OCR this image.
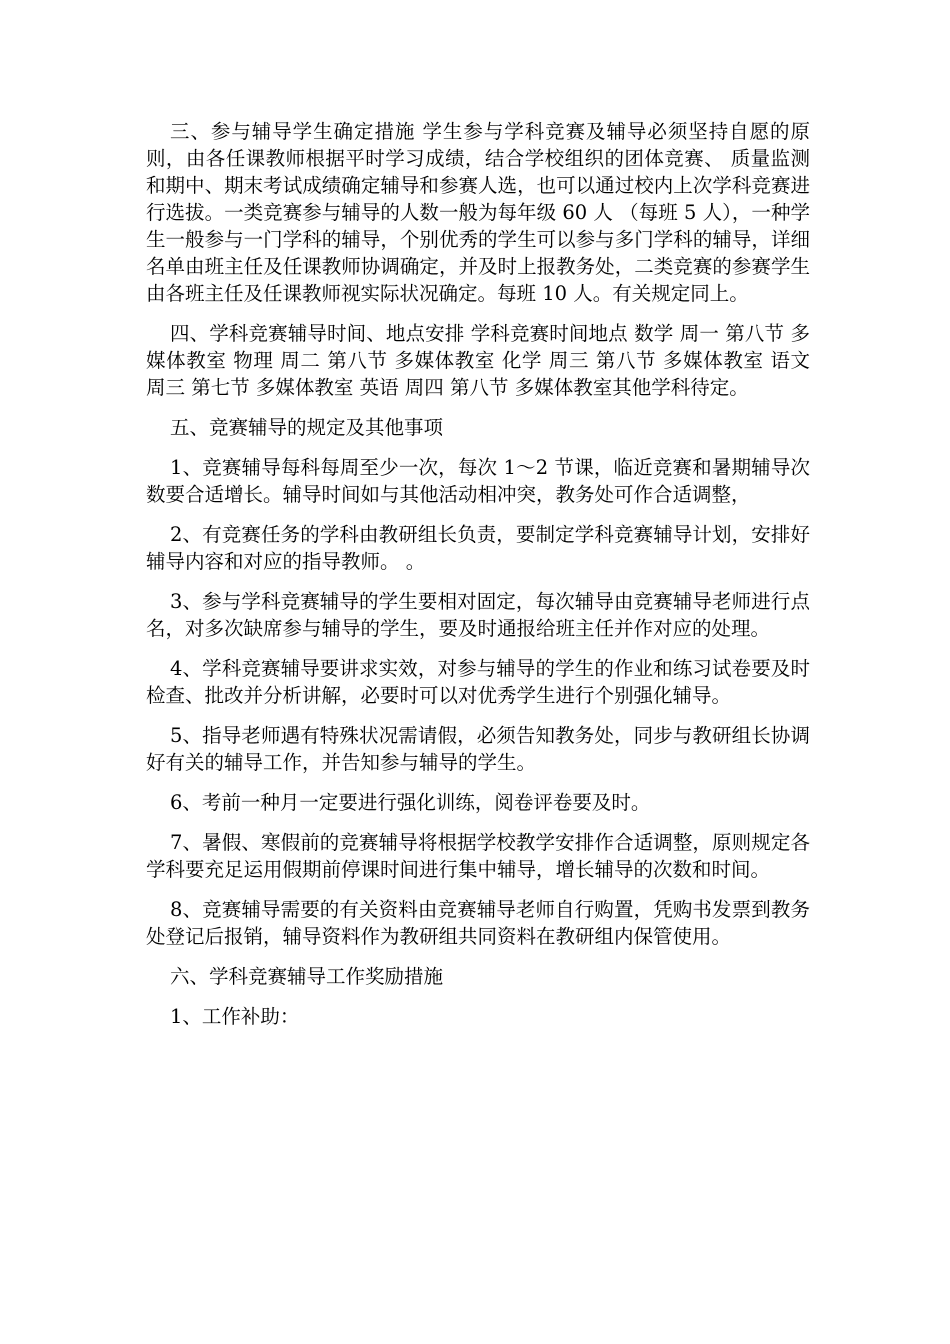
三、参与辅导学生确定措施 学生参与学科竞赛及辅导必须坚持自愿的原则，由各任课教师根据平时学习成绩，结合学校组织的团体竞赛、 质量监测和期中、期末考试成绩确定辅导和参赛人选，也可以通过校内上次学科竞赛进行选拔。一类竞赛参与辅导的人数一般为每年级 60 人 （每班 5 人），一种学生一般参与一门学科的辅导，个别优秀的学生可以参与多门学科的辅导，详细名单由班主任及任课教师协调确定，并及时上报教务处，二类竞赛的参赛学生由各班主任及任课教师视实际状况确定。每班 10 人。有关规定同上。

四、学科竞赛辅导时间、地点安排 学科竞赛时间地点 数学 周一 第八节 多媒体教室 物理 周二 第八节 多媒体教室 化学 周三 第八节 多媒体教室 语文 周三 第七节 多媒体教室 英语 周四 第八节 多媒体教室其他学科待定。

五、竞赛辅导的规定及其他事项

1、竞赛辅导每科每周至少一次，每次 1～2 节课，临近竞赛和暑期辅导次数要合适增长。辅导时间如与其他活动相冲突，教务处可作合适调整，

2、有竞赛任务的学科由教研组长负责，要制定学科竞赛辅导计划，安排好辅导内容和对应的指导教师。 。

3、参与学科竞赛辅导的学生要相对固定，每次辅导由竞赛辅导老师进行点名，对多次缺席参与辅导的学生，要及时通报给班主任并作对应的处理。

4、学科竞赛辅导要讲求实效，对参与辅导的学生的作业和练习试卷要及时检查、批改并分析讲解，必要时可以对优秀学生进行个别强化辅导。

5、指导老师遇有特殊状况需请假，必须告知教务处，同步与教研组长协调好有关的辅导工作，并告知参与辅导的学生。

6、考前一种月一定要进行强化训练，阅卷评卷要及时。

7、暑假、寒假前的竞赛辅导将根据学校教学安排作合适调整，原则规定各学科要充足运用假期前停课时间进行集中辅导，增长辅导的次数和时间。

8、竞赛辅导需要的有关资料由竞赛辅导老师自行购置，凭购书发票到教务处登记后报销，辅导资料作为教研组共同资料在教研组内保管使用。

六、学科竞赛辅导工作奖励措施

1、工作补助：
